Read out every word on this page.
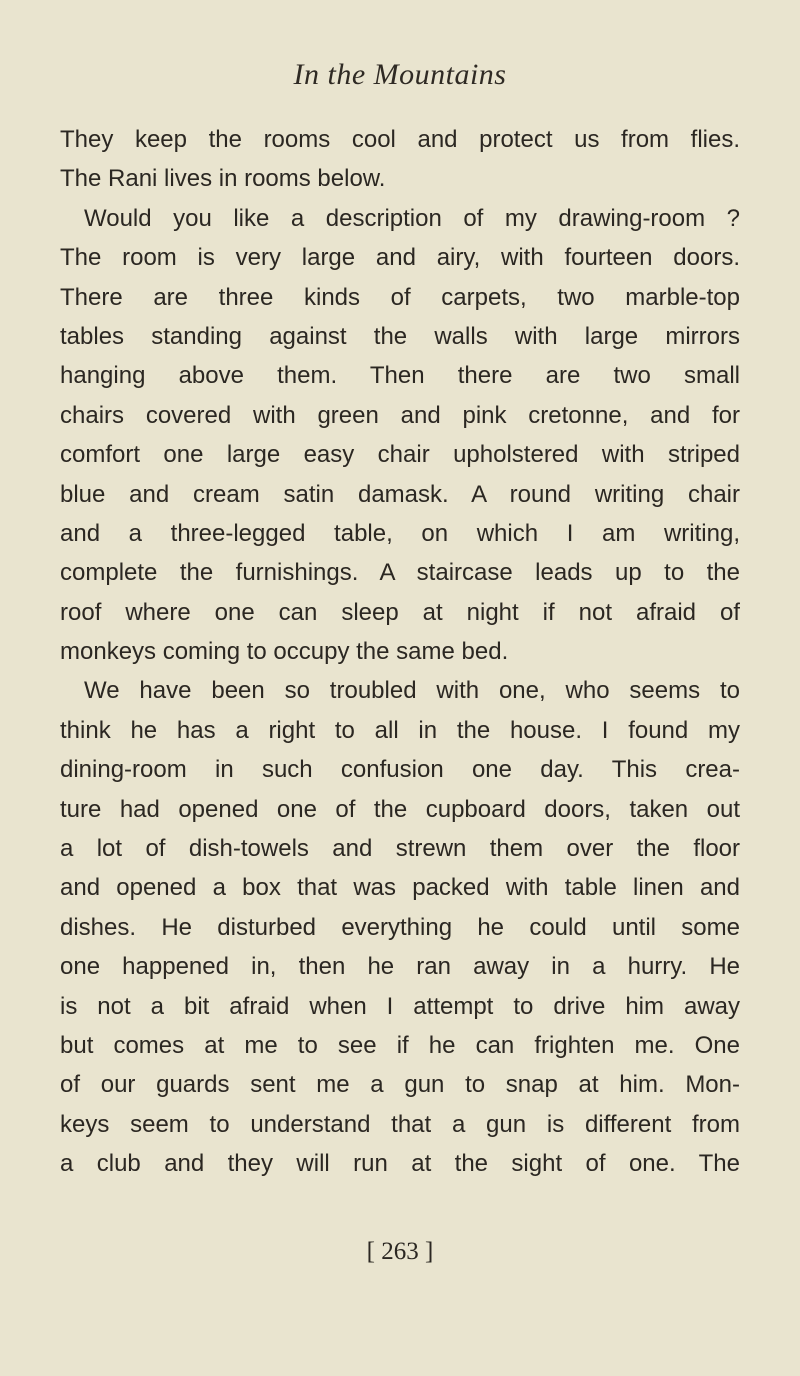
In the Mountains
They keep the rooms cool and protect us from flies.
The Rani lives in rooms below.
 Would you like a description of my drawing-room ?
The room is very large and airy, with fourteen doors.
There are three kinds of carpets, two marble-top
tables standing against the walls with large mirrors
hanging above them. Then there are two small
chairs covered with green and pink cretonne, and for
comfort one large easy chair upholstered with striped
blue and cream satin damask. A round writing chair
and a three-legged table, on which I am writing,
complete the furnishings. A staircase leads up to the
roof where one can sleep at night if not afraid of
monkeys coming to occupy the same bed.
 We have been so troubled with one, who seems to
think he has a right to all in the house. I found my
dining-room in such confusion one day. This crea-
ture had opened one of the cupboard doors, taken out
a lot of dish-towels and strewn them over the floor
and opened a box that was packed with table linen and
dishes. He disturbed everything he could until some
one happened in, then he ran away in a hurry. He
is not a bit afraid when I attempt to drive him away
but comes at me to see if he can frighten me. One
of our guards sent me a gun to snap at him. Mon-
keys seem to understand that a gun is different from
a club and they will run at the sight of one. The
[ 263 ]
